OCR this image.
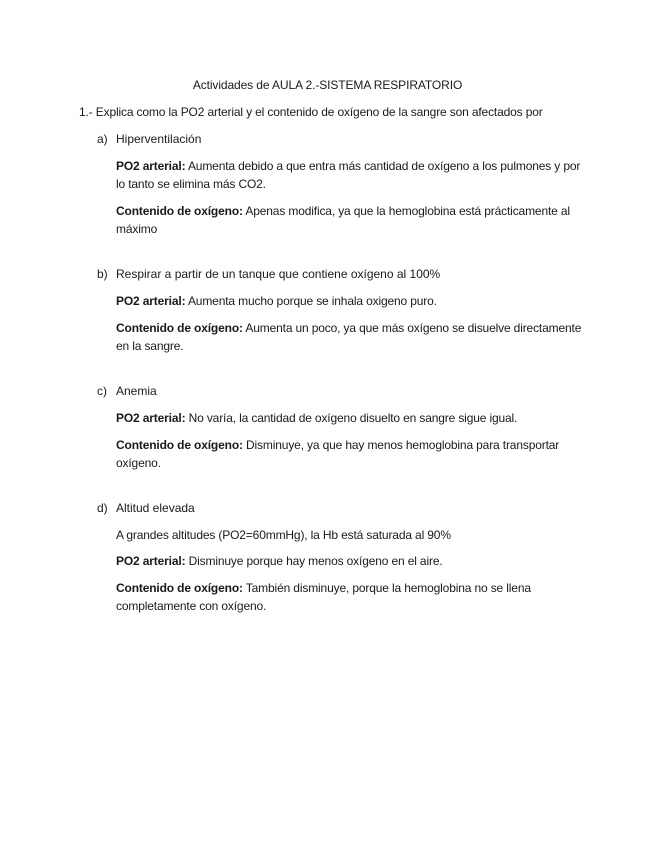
Actividades de AULA 2.-SISTEMA RESPIRATORIO
1.- Explica como la PO2 arterial y el contenido de oxígeno de la sangre son afectados por
a) Hiperventilación
PO2 arterial: Aumenta debido a que entra más cantidad de oxígeno a los pulmones y por lo tanto se elimina más CO2.
Contenido de oxígeno: Apenas modifica, ya que la hemoglobina está prácticamente al máximo
b) Respirar a partir de un tanque que contiene oxígeno al 100%
PO2 arterial: Aumenta mucho porque se inhala oxigeno puro.
Contenido de oxígeno: Aumenta un poco, ya que más oxígeno se disuelve directamente en la sangre.
c) Anemia
PO2 arterial: No varía, la cantidad de oxígeno disuelto en sangre sigue igual.
Contenido de oxígeno: Disminuye, ya que hay menos hemoglobina para transportar oxígeno.
d) Altitud elevada
A grandes altitudes (PO2=60mmHg), la Hb está saturada al 90%
PO2 arterial: Disminuye porque hay menos oxígeno en el aire.
Contenido de oxígeno: También disminuye, porque la hemoglobina no se llena completamente con oxígeno.
